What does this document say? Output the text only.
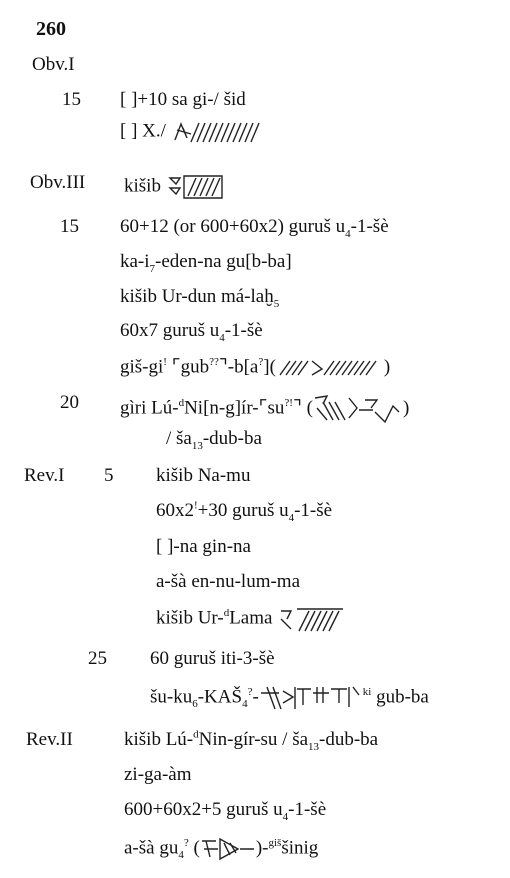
260
Obv.I
15 [ ]+10 sa gi-/ šid
[ ] X./
Obv.III kišib
15 60+12 (or 600+60x2) guruš $u_4-1-šè$
$ka-i_7-eden-na$ gu[b-ba]
kišib Ur-dun má-laḫ$_5$
60x7 guruš $u_4-1-šè$
giš-gi! ⌜gub??⌝-b[a?](	)
20 gìri Lú-$^d$Ni[n-g]ír-⌜su?!⌝ (	)
/ $ša_{13}-dub-ba$
Rev.I 5 kišib Na-mu
60x2!+30 guruš $u_4-1-šè$
[ ]-na gin-na
a-šà en-nu-lum-ma
kišib Ur-$^d$Lama
25 60 guruš iti-3-šè
$šu-ku_6-KAŠ_4^?-$	$^{ki}$ gub-ba
Rev.II	kišib Lú-$^d$Nin-gír-su / $ša_{13}-dub-ba$
zi-ga-àm
600+60x2+5 guruš $u_4-1-šè$
a-šà $gu_4^?$ (	)-$^{giš}$šinig
